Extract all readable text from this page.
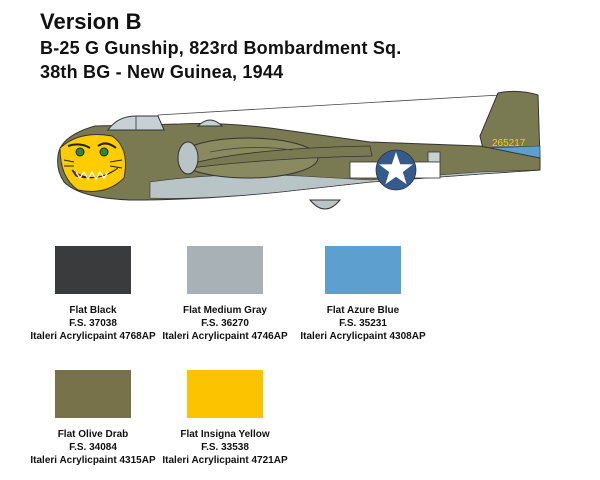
Version B
B-25 G Gunship, 823rd Bombardment Sq.
38th BG - New Guinea, 1944
265217
Flat Black
F.S. 37038
Italeri Acrylicpaint 4768AP
Flat Medium Gray
F.S. 36270
Italeri Acrylicpaint 4746AP
Flat Azure Blue
F.S. 35231
Italeri Acrylicpaint 4308AP
Flat Olive Drab
F.S. 34084
Italeri Acrylicpaint 4315AP
Flat Insigna Yellow
F.S. 33538
Italeri Acrylicpaint 4721AP
